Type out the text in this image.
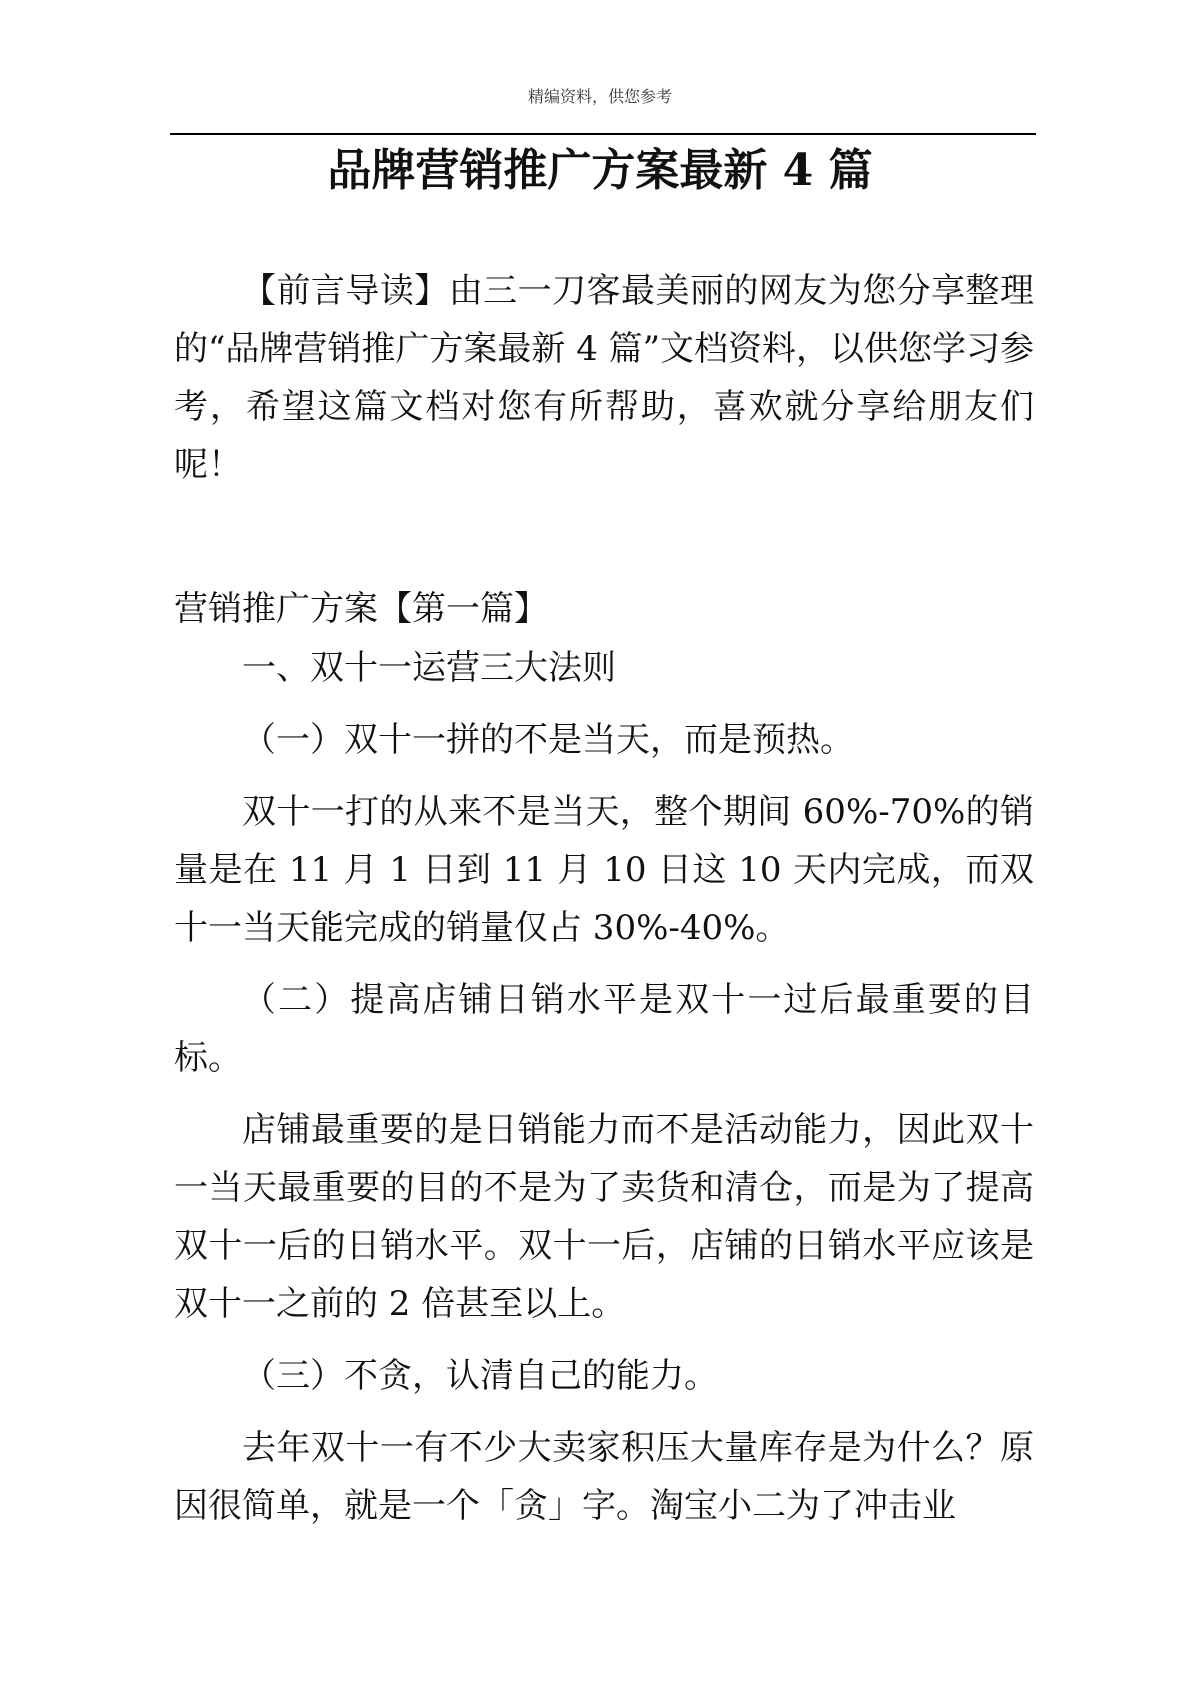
精编资料，供您参考
品牌营销推广方案最新 4 篇

【前言导读】由三一刀客最美丽的网友为您分享整理的“品牌营销推广方案最新 4 篇”文档资料，以供您学习参考，希望这篇文档对您有所帮助，喜欢就分享给朋友们呢！

营销推广方案【第一篇】

一、双十一运营三大法则

（一）双十一拼的不是当天，而是预热。

双十一打的从来不是当天，整个期间 60%-70%的销量是在 11 月 1 日到 11 月 10 日这 10 天内完成，而双十一当天能完成的销量仅占 30%-40%。

（二）提高店铺日销水平是双十一过后最重要的目标。

店铺最重要的是日销能力而不是活动能力，因此双十一当天最重要的目的不是为了卖货和清仓，而是为了提高双十一后的日销水平。双十一后，店铺的日销水平应该是双十一之前的 2 倍甚至以上。

（三）不贪，认清自己的能力。

去年双十一有不少大卖家积压大量库存是为什么？原因很简单，就是一个「贪」字。淘宝小二为了冲击业
